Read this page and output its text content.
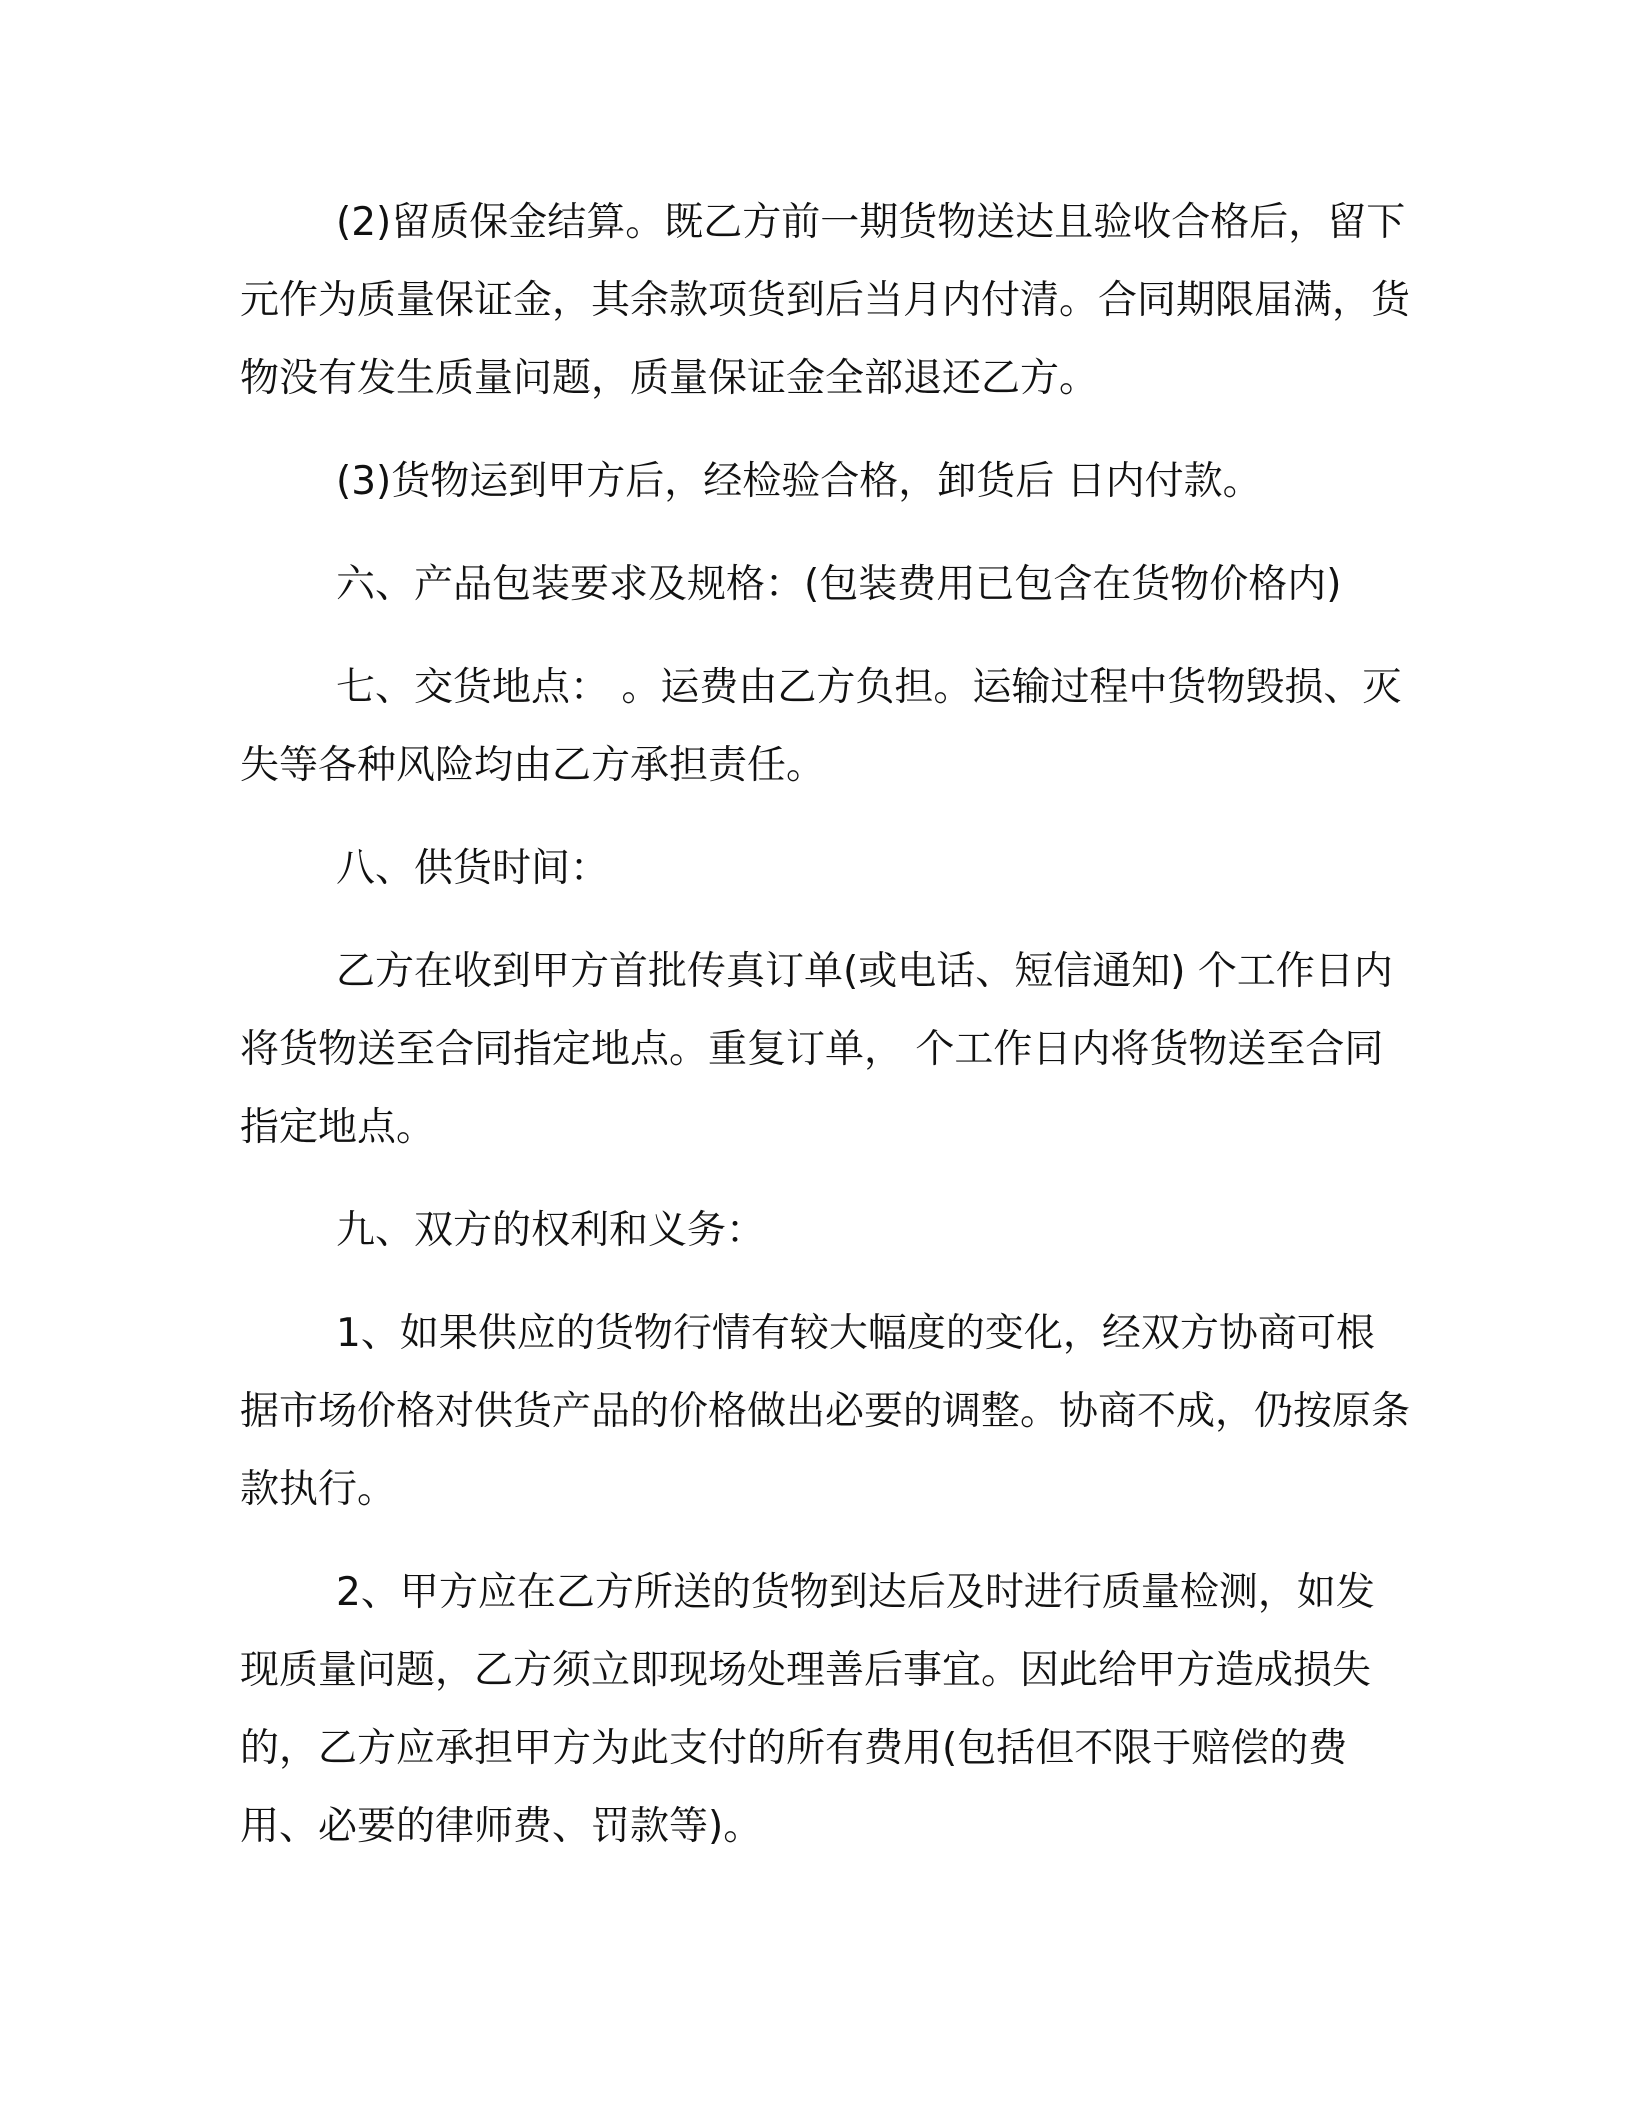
(2)留质保金结算。既乙方前一期货物送达且验收合格后，留下 元作为质量保证金，其余款项货到后当月内付清。合同期限届满，货物没有发生质量问题，质量保证金全部退还乙方。

(3)货物运到甲方后，经检验合格，卸货后 日内付款。

六、产品包装要求及规格：(包装费用已包含在货物价格内)

七、交货地点： 。运费由乙方负担。运输过程中货物毁损、灭失等各种风险均由乙方承担责任。

八、供货时间：

乙方在收到甲方首批传真订单(或电话、短信通知) 个工作日内将货物送至合同指定地点。重复订单， 个工作日内将货物送至合同指定地点。

九、双方的权利和义务：

1、如果供应的货物行情有较大幅度的变化，经双方协商可根据市场价格对供货产品的价格做出必要的调整。协商不成，仍按原条款执行。

2、甲方应在乙方所送的货物到达后及时进行质量检测，如发现质量问题，乙方须立即现场处理善后事宜。因此给甲方造成损失的，乙方应承担甲方为此支付的所有费用(包括但不限于赔偿的费用、必要的律师费、罚款等)。
